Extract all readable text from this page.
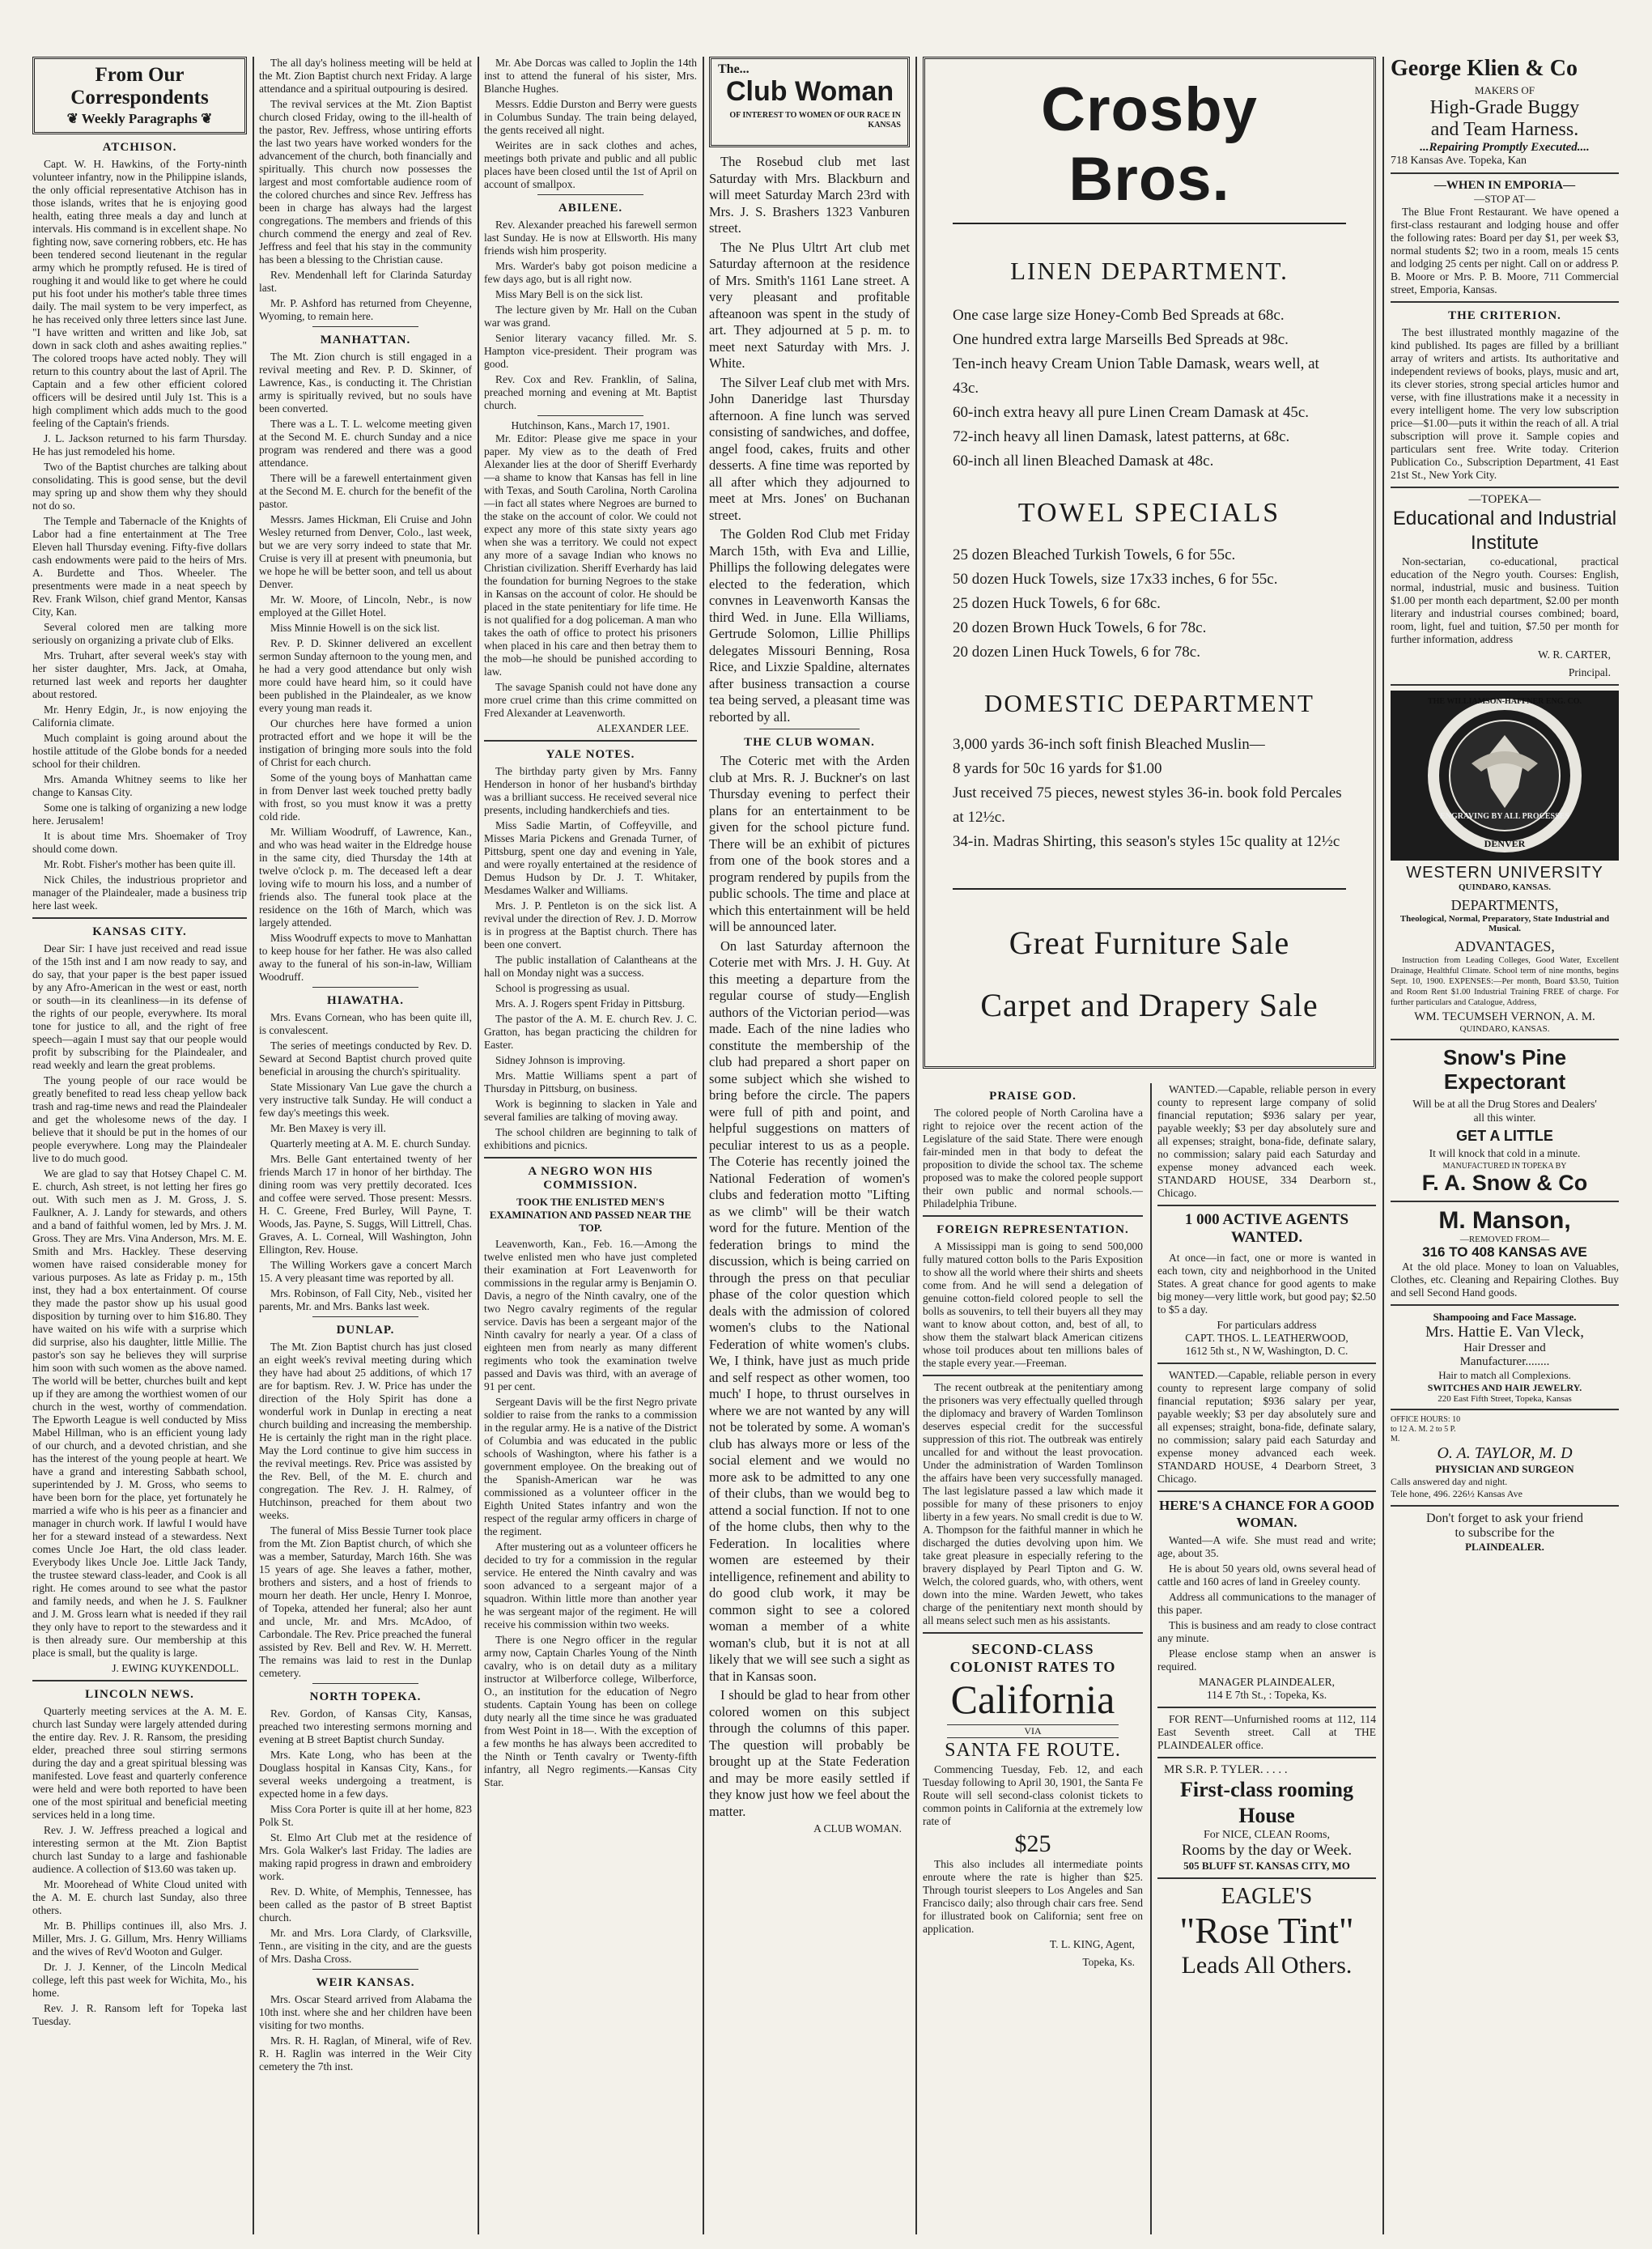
From Our Correspondents
❦ Weekly Paragraphs ❦
ATCHISON.
Capt. W. H. Hawkins, of the Forty-ninth volunteer infantry, now in the Philippine islands, the only official representative Atchison has in those islands, writes that he is enjoying good health, eating three meals a day and lunch at intervals. His command is in excellent shape. No fighting now, save cornering robbers, etc. He has been tendered second lieutenant in the regular army which he promptly refused. He is tired of roughing it and would like to get where he could put his foot under his mother's table three times daily. The mail system to be very imperfect, as he has received only three letters since last June. "I have written and written and like Job, sat down in sack cloth and ashes awaiting replies." The colored troops have acted nobly. They will return to this country about the last of April. The Captain and a few other efficient colored officers will be desired until July 1st. This is a high compliment which adds much to the good feeling of the Captain's friends.
J. L. Jackson returned to his farm Thursday. He has just remodeled his home.
Two of the Baptist churches are talking about consolidating. This is good sense, but the devil may spring up and show them why they should not do so.
The Temple and Tabernacle of the Knights of Labor had a fine entertainment at The Tree Eleven hall Thursday evening. Fifty-five dollars cash endowments were paid to the heirs of Mrs. A. Burdette and Thos. Wheeler. The presentments were made in a neat speech by Rev. Frank Wilson, chief grand Mentor, Kansas City, Kan.
Several colored men are talking more seriously on organizing a private club of Elks.
Mrs. Truhart, after several week's stay with her sister daughter, Mrs. Jack, at Omaha, returned last week and reports her daughter about restored.
Mr. Henry Edgin, Jr., is now enjoying the California climate.
Much complaint is going around about the hostile attitude of the Globe bonds for a needed school for their children.
Mrs. Amanda Whitney seems to like her change to Kansas City.
Some one is talking of organizing a new lodge here. Jerusalem!
It is about time Mrs. Shoemaker of Troy should come down.
Mr. Robt. Fisher's mother has been quite ill.
Nick Chiles, the industrious proprietor and manager of the Plaindealer, made a business trip here last week.
KANSAS CITY.
Dear Sir: I have just received and read issue of the 15th inst and I am now ready to say, and do say, that your paper is the best paper issued by any Afro-American in the west or east, north or south—in its cleanliness—in its defense of the rights of our people, everywhere. Its moral tone for justice to all, and the right of free speech—again I must say that our people would profit by subscribing for the Plaindealer, and read weekly and learn the great problems.
The young people of our race would be greatly benefited to read less cheap yellow back trash and rag-time news and read the Plaindealer and get the wholesome news of the day. I believe that it should be put in the homes of our people everywhere. Long may the Plaindealer live to do much good.
We are glad to say that Hotsey Chapel C. M. E. church, Ash street, is not letting her fires go out. With such men as J. M. Gross, J. S. Faulkner, A. J. Landy for stewards, and others and a band of faithful women, led by Mrs. J. M. Gross. They are Mrs. Vina Anderson, Mrs. M. E. Smith and Mrs. Hackley. These deserving women have raised considerable money for various purposes. As late as Friday p. m., 15th inst, they had a box entertainment. Of course they made the pastor show up his usual good disposition by turning over to him $16.80. They have waited on his wife with a surprise which did surprise, also his daughter, little Millie. The pastor's son say he believes they will surprise him soon with such women as the above named. The world will be better, churches built and kept up if they are among the worthiest women of our church in the west, worthy of commendation. The Epworth League is well conducted by Miss Mabel Hillman, who is an efficient young lady of our church, and a devoted christian, and she has the interest of the young people at heart. We have a grand and interesting Sabbath school, superintended by J. M. Gross, who seems to have been born for the place, yet fortunately he married a wife who is his peer as a financier and manager in church work. If lawful I would have her for a steward instead of a stewardess. Next comes Uncle Joe Hart, the old class leader. Everybody likes Uncle Joe. Little Jack Tandy, the trustee steward class-leader, and Cook is all right. He comes around to see what the pastor and family needs, and when he J. S. Faulkner and J. M. Gross learn what is needed if they rail they only have to report to the stewardess and it is then already sure. Our membership at this place is small, but the quality is large.
J. EWING KUYKENDOLL.
LINCOLN NEWS.
Quarterly meeting services at the A. M. E. church last Sunday were largely attended during the entire day. Rev. J. R. Ransom, the presiding elder, preached three soul stirring sermons during the day and a great spiritual blessing was manifested. Love feast and quarterly conference were held and were both reported to have been one of the most spiritual and beneficial meeting services held in a long time.
Rev. J. W. Jeffress preached a logical and interesting sermon at the Mt. Zion Baptist church last Sunday to a large and fashionable audience. A collection of $13.60 was taken up.
Mr. Moorehead of White Cloud united with the A. M. E. church last Sunday, also three others.
Mr. B. Phillips continues ill, also Mrs. J. Miller, Mrs. J. G. Gillum, Mrs. Henry Williams and the wives of Rev'd Wooton and Gulger.
Dr. J. J. Kenner, of the Lincoln Medical college, left this past week for Wichita, Mo., his home.
Rev. J. R. Ransom left for Topeka last Tuesday.
The all day's holiness meeting will be held at the Mt. Zion Baptist church next Friday. A large attendance and a spiritual outpouring is desired.
The revival services at the Mt. Zion Baptist church closed Friday, owing to the ill-health of the pastor, Rev. Jeffress, whose untiring efforts the last two years have worked wonders for the advancement of the church, both financially and spiritually. This church now possesses the largest and most comfortable audience room of the colored churches and since Rev. Jeffress has been in charge has always had the largest congregations. The members and friends of this church commend the energy and zeal of Rev. Jeffress and feel that his stay in the community has been a blessing to the Christian cause.
Rev. Mendenhall left for Clarinda Saturday last.
Mr. P. Ashford has returned from Cheyenne, Wyoming, to remain here.
MANHATTAN.
The Mt. Zion church is still engaged in a revival meeting and Rev. P. D. Skinner, of Lawrence, Kas., is conducting it. The Christian army is spiritually revived, but no souls have been converted.
There was a L. T. L. welcome meeting given at the Second M. E. church Sunday and a nice program was rendered and there was a good attendance.
There will be a farewell entertainment given at the Second M. E. church for the benefit of the pastor.
Messrs. James Hickman, Eli Cruise and John Wesley returned from Denver, Colo., last week, but we are very sorry indeed to state that Mr. Cruise is very ill at present with pneumonia, but we hope he will be better soon, and tell us about Denver.
Mr. W. Moore, of Lincoln, Nebr., is now employed at the Gillet Hotel.
Miss Minnie Howell is on the sick list.
Rev. P. D. Skinner delivered an excellent sermon Sunday afternoon to the young men, and he had a very good attendance but only wish more could have heard him, so it could have been published in the Plaindealer, as we know every young man reads it.
Our churches here have formed a union protracted effort and we hope it will be the instigation of bringing more souls into the fold of Christ for each church.
Some of the young boys of Manhattan came in from Denver last week touched pretty badly with frost, so you must know it was a pretty cold ride.
Mr. William Woodruff, of Lawrence, Kan., and who was head waiter in the Eldredge house in the same city, died Thursday the 14th at twelve o'clock p. m. The deceased left a dear loving wife to mourn his loss, and a number of friends also. The funeral took place at the residence on the 16th of March, which was largely attended.
Miss Woodruff expects to move to Manhattan to keep house for her father. He was also called away to the funeral of his son-in-law, William Woodruff.
HIAWATHA.
Mrs. Evans Cornean, who has been quite ill, is convalescent.
The series of meetings conducted by Rev. D. Seward at Second Baptist church proved quite beneficial in arousing the church's spirituality.
State Missionary Van Lue gave the church a very instructive talk Sunday. He will conduct a few day's meetings this week.
Mr. Ben Maxey is very ill.
Quarterly meeting at A. M. E. church Sunday.
Mrs. Belle Gant entertained twenty of her friends March 17 in honor of her birthday. The dining room was very prettily decorated. Ices and coffee were served. Those present: Messrs. H. C. Greene, Fred Burley, Will Payne, T. Woods, Jas. Payne, S. Suggs, Will Littrell, Chas. Graves, A. L. Corneal, Will Washington, John Ellington, Rev. House.
The Willing Workers gave a concert March 15. A very pleasant time was reported by all.
Mrs. Robinson, of Fall City, Neb., visited her parents, Mr. and Mrs. Banks last week.
DUNLAP.
The Mt. Zion Baptist church has just closed an eight week's revival meeting during which they have had about 25 additions, of which 17 are for baptism. Rev. J. W. Price has under the direction of the Holy Spirit has done a wonderful work in Dunlap in erecting a neat church building and increasing the membership. He is certainly the right man in the right place. May the Lord continue to give him success in the revival meetings. Rev. Price was assisted by the Rev. Bell, of the M. E. church and congregation. The Rev. J. H. Ralmey, of Hutchinson, preached for them about two weeks.
The funeral of Miss Bessie Turner took place from the Mt. Zion Baptist church, of which she was a member, Saturday, March 16th. She was 15 years of age. She leaves a father, mother, brothers and sisters, and a host of friends to mourn her death. Her uncle, Henry I. Monroe, of Topeka, attended her funeral; also her aunt and uncle, Mr. and Mrs. McAdoo, of Carbondale. The Rev. Price preached the funeral assisted by Rev. Bell and Rev. W. H. Merrett. The remains was laid to rest in the Dunlap cemetery.
NORTH TOPEKA.
Rev. Gordon, of Kansas City, Kansas, preached two interesting sermons morning and evening at B street Baptist church Sunday.
Mrs. Kate Long, who has been at the Douglass hospital in Kansas City, Kans., for several weeks undergoing a treatment, is expected home in a few days.
Miss Cora Porter is quite ill at her home, 823 Polk St.
St. Elmo Art Club met at the residence of Mrs. Gola Walker's last Friday. The ladies are making rapid progress in drawn and embroidery work.
Rev. D. White, of Memphis, Tennessee, has been called as the pastor of B street Baptist church.
Mr. and Mrs. Lora Clardy, of Clarksville, Tenn., are visiting in the city, and are the guests of Mrs. Dasha Cross.
WEIR KANSAS.
Mrs. Oscar Steard arrived from Alabama the 10th inst. where she and her children have been visiting for two months.
Mrs. R. H. Raglan, of Mineral, wife of Rev. R. H. Raglin was interred in the Weir City cemetery the 7th inst.
Mr. Abe Dorcas was called to Joplin the 14th inst to attend the funeral of his sister, Mrs. Blanche Hughes.
Messrs. Eddie Durston and Berry were guests in Columbus Sunday. The train being delayed, the gents received all night.
Weirites are in sack clothes and aches, meetings both private and public and all public places have been closed until the 1st of April on account of smallpox.
ABILENE.
Rev. Alexander preached his farewell sermon last Sunday. He is now at Ellsworth. His many friends wish him prosperity.
Mrs. Warder's baby got poison medicine a few days ago, but is all right now.
Miss Mary Bell is on the sick list.
The lecture given by Mr. Hall on the Cuban war was grand.
Senior literary vacancy filled. Mr. S. Hampton vice-president. Their program was good.
Rev. Cox and Rev. Franklin, of Salina, preached morning and evening at Mt. Baptist church.
Hutchinson, Kans., March 17, 1901.
Mr. Editor: Please give me space in your paper. My view as to the death of Fred Alexander lies at the door of Sheriff Everhardy—a shame to know that Kansas has fell in line with Texas, and South Carolina, North Carolina—in fact all states where Negroes are burned to the stake on the account of color. We could not expect any more of this state sixty years ago when she was a territory. We could not expect any more of a savage Indian who knows no Christian civilization. Sheriff Everhardy has laid the foundation for burning Negroes to the stake in Kansas on the account of color. He should be placed in the state penitentiary for life time. He is not qualified for a dog policeman. A man who takes the oath of office to protect his prisoners when placed in his care and then betray them to the mob—he should be punished according to law.
The savage Spanish could not have done any more cruel crime than this crime committed on Fred Alexander at Leavenworth.
ALEXANDER LEE.
YALE NOTES.
The birthday party given by Mrs. Fanny Henderson in honor of her husband's birthday was a brilliant success. He received several nice presents, including handkerchiefs and ties.
Miss Sadie Martin, of Coffeyville, and Misses Maria Pickens and Grenada Turner, of Pittsburg, spent one day and evening in Yale, and were royally entertained at the residence of Demus Hudson by Dr. J. T. Whitaker, Mesdames Walker and Williams.
Mrs. J. P. Pentleton is on the sick list. A revival under the direction of Rev. J. D. Morrow is in progress at the Baptist church. There has been one convert.
The public installation of Calantheans at the hall on Monday night was a success.
School is progressing as usual.
Mrs. A. J. Rogers spent Friday in Pittsburg.
The pastor of the A. M. E. church Rev. J. C. Gratton, has began practicing the children for Easter.
Sidney Johnson is improving.
Mrs. Mattie Williams spent a part of Thursday in Pittsburg, on business.
Work is beginning to slacken in Yale and several families are talking of moving away.
The school children are beginning to talk of exhibitions and picnics.
A NEGRO WON HIS COMMISSION.
TOOK THE ENLISTED MEN'S EXAMINATION AND PASSED NEAR THE TOP.
Leavenworth, Kan., Feb. 16.—Among the twelve enlisted men who have just completed their examination at Fort Leavenworth for commissions in the regular army is Benjamin O. Davis, a negro of the Ninth cavalry, one of the two Negro cavalry regiments of the regular service. Davis has been a sergeant major of the Ninth cavalry for nearly a year. Of a class of eighteen men from nearly as many different regiments who took the examination twelve passed and Davis was third, with an average of 91 per cent.
Sergeant Davis will be the first Negro private soldier to raise from the ranks to a commission in the regular army. He is a native of the District of Columbia and was educated in the public schools of Washington, where his father is a government employee. On the breaking out of the Spanish-American war he was commissioned as a volunteer officer in the Eighth United States infantry and won the respect of the regular army officers in charge of the regiment.
After mustering out as a volunteer officers he decided to try for a commission in the regular service. He entered the Ninth cavalry and was soon advanced to a sergeant major of a squadron. Within little more than another year he was sergeant major of the regiment. He will receive his commission within two weeks.
There is one Negro officer in the regular army now, Captain Charles Young of the Ninth cavalry, who is on detail duty as a military instructor at Wilberforce college, Wilberforce, O., an institution for the education of Negro students. Captain Young has been on college duty nearly all the time since he was graduated from West Point in 18—. With the exception of a few months he has always been accredited to the Ninth or Tenth cavalry or Twenty-fifth infantry, all Negro regiments.—Kansas City Star.
The...
Club Woman
OF INTEREST TO WOMEN OF OUR RACE IN KANSAS
The Rosebud club met last Saturday with Mrs. Blackburn and will meet Saturday March 23rd with Mrs. J. S. Brashers 1323 Vanburen street.
The Ne Plus Ultrt Art club met Saturday afternoon at the residence of Mrs. Smith's 1161 Lane street. A very pleasant and profitable afteanoon was spent in the study of art. They adjourned at 5 p. m. to meet next Saturday with Mrs. J. White.
The Silver Leaf club met with Mrs. John Daneridge last Thursday afternoon. A fine lunch was served consisting of sandwiches, and doffee, angel food, cakes, fruits and other desserts. A fine time was reported by all after which they adjourned to meet at Mrs. Jones' on Buchanan street.
The Golden Rod Club met Friday March 15th, with Eva and Lillie, Phillips the following delegates were elected to the federation, which convnes in Leavenworth Kansas the third Wed. in June. Ella Williams, Gertrude Solomon, Lillie Phillips delegates Missouri Benning, Rosa Rice, and Lixzie Spaldine, alternates after business transaction a course tea being served, a pleasant time was reborted by all.
THE CLUB WOMAN.
The Coteric met with the Arden club at Mrs. R. J. Buckner's on last Thursday evening to perfect their plans for an entertainment to be given for the school picture fund. There will be an exhibit of pictures from one of the book stores and a program rendered by pupils from the public schools. The time and place at which this entertainment will be held will be announced later.
On last Saturday afternoon the Coterie met with Mrs. J. H. Guy. At this meeting a departure from the regular course of study—English authors of the Victorian period—was made. Each of the nine ladies who constitute the membership of the club had prepared a short paper on some subject which she wished to bring before the circle. The papers were full of pith and point, and helpful suggestions on matters of peculiar interest to us as a people. The Coterie has recently joined the National Federation of women's clubs and federation motto "Lifting as we climb" will be their watch word for the future. Mention of the federation brings to mind the discussion, which is being carried on through the press on that peculiar phase of the color question which deals with the admission of colored women's clubs to the National Federation of white women's clubs. We, I think, have just as much pride and self respect as other women, too much' I hope, to thrust ourselves in where we are not wanted by any will not be tolerated by some. A woman's club has always more or less of the social element and we would no more ask to be admitted to any one of their clubs, than we would beg to attend a social function. If not to one of the home clubs, then why to the Federation. In localities where women are esteemed by their intelligence, refinement and ability to do good club work, it may be common sight to see a colored woman a member of a white woman's club, but it is not at all likely that we will see such a sight as that in Kansas soon.
I should be glad to hear from other colored women on this subject through the columns of this paper. The question will probably be brought up at the State Federation and may be more easily settled if they know just how we feel about the matter.
A CLUB WOMAN.
Crosby Bros.
LINEN DEPARTMENT.
One case large size Honey-Comb Bed Spreads at 68c.
One hundred extra large Marseills Bed Spreads at 98c.
Ten-inch heavy Cream Union Table Damask, wears well, at 43c.
60-inch extra heavy all pure Linen Cream Damask at 45c.
72-inch heavy all linen Damask, latest patterns, at 68c.
60-inch all linen Bleached Damask at 48c.
TOWEL SPECIALS
25 dozen Bleached Turkish Towels, 6 for 55c.
50 dozen Huck Towels, size 17x33 inches, 6 for 55c.
25 dozen Huck Towels, 6 for 68c.
20 dozen Brown Huck Towels, 6 for 78c.
20 dozen Linen Huck Towels, 6 for 78c.
DOMESTIC DEPARTMENT
3,000 yards 36-inch soft finish Bleached Muslin—
8 yards for 50c 16 yards for $1.00
Just received 75 pieces, newest styles 36-in. book fold Percales at 12½c.
34-in. Madras Shirting, this season's styles 15c quality at 12½c
Great Furniture Sale
Carpet and Drapery Sale
PRAISE GOD.
The colored people of North Carolina have a right to rejoice over the recent action of the Legislature of the said State. There were enough fair-minded men in that body to defeat the proposition to divide the school tax. The scheme proposed was to make the colored people support their own public and normal schools.—Philadelphia Tribune.
FOREIGN REPRESENTATION.
A Mississippi man is going to send 500,000 fully matured cotton bolls to the Paris Exposition to show all the world where their shirts and sheets come from. And he will send a delegation of genuine cotton-field colored people to sell the bolls as souvenirs, to tell their buyers all they may want to know about cotton, and, best of all, to show them the stalwart black American citizens whose toil produces about ten millions bales of the staple every year.—Freeman.
The recent outbreak at the penitentiary among the prisoners was very effectually quelled through the diplomacy and bravery of Warden Tomlinson deserves especial credit for the successful suppression of this riot. The outbreak was entirely uncalled for and without the least provocation. Under the administration of Warden Tomlinson the affairs have been very successfully managed. The last legislature passed a law which made it possible for many of these prisoners to enjoy liberty in a few years. No small credit is due to W. A. Thompson for the faithful manner in which he discharged the duties devolving upon him. We take great pleasure in especially refering to the bravery displayed by Pearl Tipton and G. W. Welch, the colored guards, who, with others, went down into the mine. Warden Jewett, who takes charge of the penitentiary next month should by all means select such men as his assistants.
SECOND-CLASS COLONIST RATES TO
California
VIA
SANTA FE ROUTE.
Commencing Tuesday, Feb. 12, and each Tuesday following to April 30, 1901, the Santa Fe Route will sell second-class colonist tickets to common points in California at the extremely low rate of
$25
This also includes all intermediate points enroute where the rate is higher than $25. Through tourist sleepers to Los Angeles and San Francisco daily; also through chair cars free. Send for illustrated book on California; sent free on application.
T. L. KING, Agent,
Topeka, Ks.
WANTED.—Capable, reliable person in every county to represent large company of solid financial reputation; $936 salary per year, payable weekly; $3 per day absolutely sure and all expenses; straight, bona-fide, definate salary, no commission; salary paid each Saturday and expense money advanced each week. STANDARD HOUSE, 334 Dearborn st., Chicago.
1 000 ACTIVE AGENTS WANTED.
At once—in fact, one or more is wanted in each town, city and neighborhood in the United States. A great chance for good agents to make big money—very little work, but good pay; $2.50 to $5 a day.
For particulars address
CAPT. THOS. L. LEATHERWOOD,
1612 5th st., N W, Washington, D. C.
WANTED.—Capable, reliable person in every county to represent large company of solid financial reputation; $936 salary per year, payable weekly; $3 per day absolutely sure and all expenses; straight, bona-fide, definate salary, no commission; salary paid each Saturday and expense money advanced each week. STANDARD HOUSE, 4 Dearborn Street, 3 Chicago.
HERE'S A CHANCE FOR A GOOD WOMAN.
Wanted—A wife. She must read and write; age, about 35.
He is about 50 years old, owns several head of cattle and 160 acres of land in Greeley county.
Address all communications to the manager of this paper.
This is business and am ready to close contract any minute.
Please enclose stamp when an answer is required.
MANAGER PLAINDEALER,
114 E 7th St., : Topeka, Ks.
FOR RENT—Unfurnished rooms at 112, 114 East Seventh street. Call at THE PLAINDEALER office.
MR S.R. P. TYLER. . . . .
First-class rooming House
For NICE, CLEAN Rooms,
Rooms by the day or Week.
505 BLUFF ST. KANSAS CITY, MO
EAGLE'S
"Rose Tint"
Leads All Others.
George Klien & Co
MAKERS OF
High-Grade Buggy
and Team Harness.
...Repairing Promptly Executed....
718 Kansas Ave. Topeka, Kan
—WHEN IN EMPORIA—
—STOP AT—
The Blue Front Restaurant. We have opened a first-class restaurant and lodging house and offer the following rates: Board per day $1, per week $3, normal students $2; two in a room, meals 15 cents and lodging 25 cents per night. Call on or address P. B. Moore or Mrs. P. B. Moore, 711 Commercial street, Emporia, Kansas.
THE CRITERION.
The best illustrated monthly magazine of the kind published. Its pages are filled by a brilliant array of writers and artists. Its authoritative and independent reviews of books, plays, music and art, its clever stories, strong special articles humor and verse, with fine illustrations make it a necessity in every intelligent home. The very low subscription price—$1.00—puts it within the reach of all. A trial subscription will prove it. Sample copies and particulars sent free. Write today. Criterion Publication Co., Subscription Department, 41 East 21st St., New York City.
—TOPEKA—
Educational and Industrial Institute
Non-sectarian, co-educational, practical education of the Negro youth. Courses: English, normal, industrial, music and business. Tuition $1.00 per month each department, $2.00 per month literary and industrial courses combined; board, room, light, fuel and tuition, $7.50 per month for further information, address
W. R. CARTER,
Principal.
THE WILLIAMSON-HAFFNER ENG. CO.
ENGRAVING BY ALL PROCESSES
DENVER
WESTERN UNIVERSITY
QUINDARO, KANSAS.
DEPARTMENTS,
Theological, Normal, Preparatory, State Industrial and Musical.
ADVANTAGES,
Instruction from Leading Colleges, Good Water, Excellent Drainage, Healthful Climate. School term of nine months, begins Sept. 10, 1900. EXPENSES:—Per month, Board $3.50, Tuition and Room Rent $1.00 Industrial Training FREE of charge. For further particulars and Catalogue, Address,
WM. TECUMSEH VERNON, A. M.
QUINDARO, KANSAS.
Snow's Pine Expectorant
Will be at all the Drug Stores and Dealers' all this winter.
GET A LITTLE
It will knock that cold in a minute.
MANUFACTURED IN TOPEKA BY
F. A. Snow & Co
M. Manson,
—REMOVED FROM—
316 TO 408 KANSAS AVE
At the old place. Money to loan on Valuables, Clothes, etc. Cleaning and Repairing Clothes. Buy and sell Second Hand goods.
Shampooing and Face Massage.
Mrs. Hattie E. Van Vleck,
Hair Dresser and
Manufacturer........
Hair to match all Complexions.
SWITCHES AND HAIR JEWELRY.
220 East Fifth Street, Topeka, Kansas
OFFICE HOURS: 10 to 12 A. M. 2 to 5 P. M.
O. A. TAYLOR, M. D
PHYSICIAN AND SURGEON
Calls answered day and night.
Tele hone, 496. 226½ Kansas Ave
Don't forget to ask your friend
to subscribe for the
PLAINDEALER.
